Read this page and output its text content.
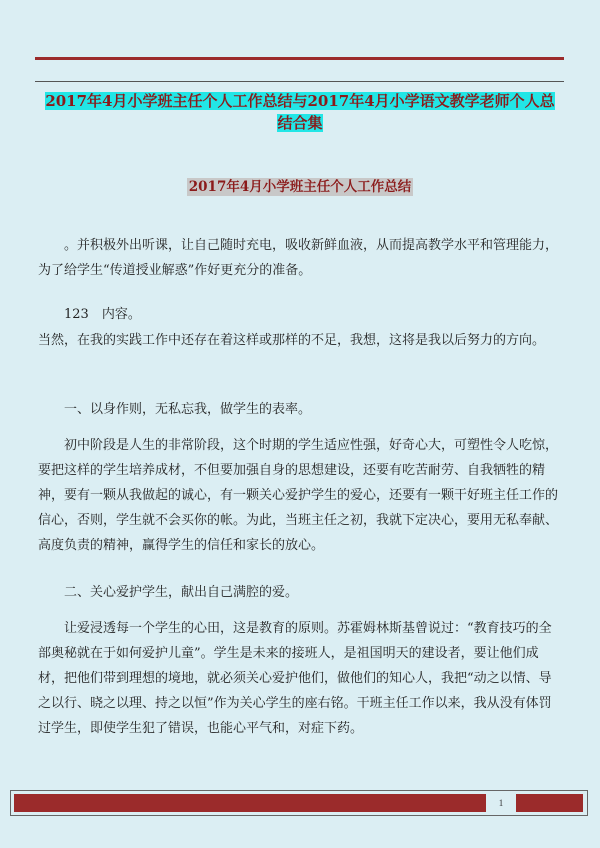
2017年4月小学班主任个人工作总结与2017年4月小学语文教学老师个人总结合集
2017年4月小学班主任个人工作总结

　　。并积极外出听课，让自己随时充电，吸收新鲜血液，从而提高教学水平和管理能力，为了给学生“传道授业解惑”作好更充分的准备。

　　123　内容。

当然，在我的实践工作中还存在着这样或那样的不足，我想，这将是我以后努力的方向。

　　一、以身作则，无私忘我，做学生的表率。

　　初中阶段是人生的非常阶段，这个时期的学生适应性强，好奇心大，可塑性令人吃惊，要把这样的学生培养成材，不但要加强自身的思想建设，还要有吃苦耐劳、自我牺牲的精神，要有一颗从我做起的诚心，有一颗关心爱护学生的爱心，还要有一颗干好班主任工作的信心，否则，学生就不会买你的帐。为此，当班主任之初，我就下定决心，要用无私奉献、高度负责的精神，赢得学生的信任和家长的放心。

　　二、关心爱护学生，献出自己满腔的爱。

　　让爱浸透每一个学生的心田，这是教育的原则。苏霍姆林斯基曾说过：“教育技巧的全部奥秘就在于如何爱护儿童”。学生是未来的接班人，是祖国明天的建设者，要让他们成材，把他们带到理想的境地，就必须关心爱护他们，做他们的知心人，我把“动之以情、导之以行、晓之以理、持之以恒”作为关心学生的座右铭。干班主任工作以来，我从没有体罚过学生，即使学生犯了错误，也能心平气和，对症下药。

1
